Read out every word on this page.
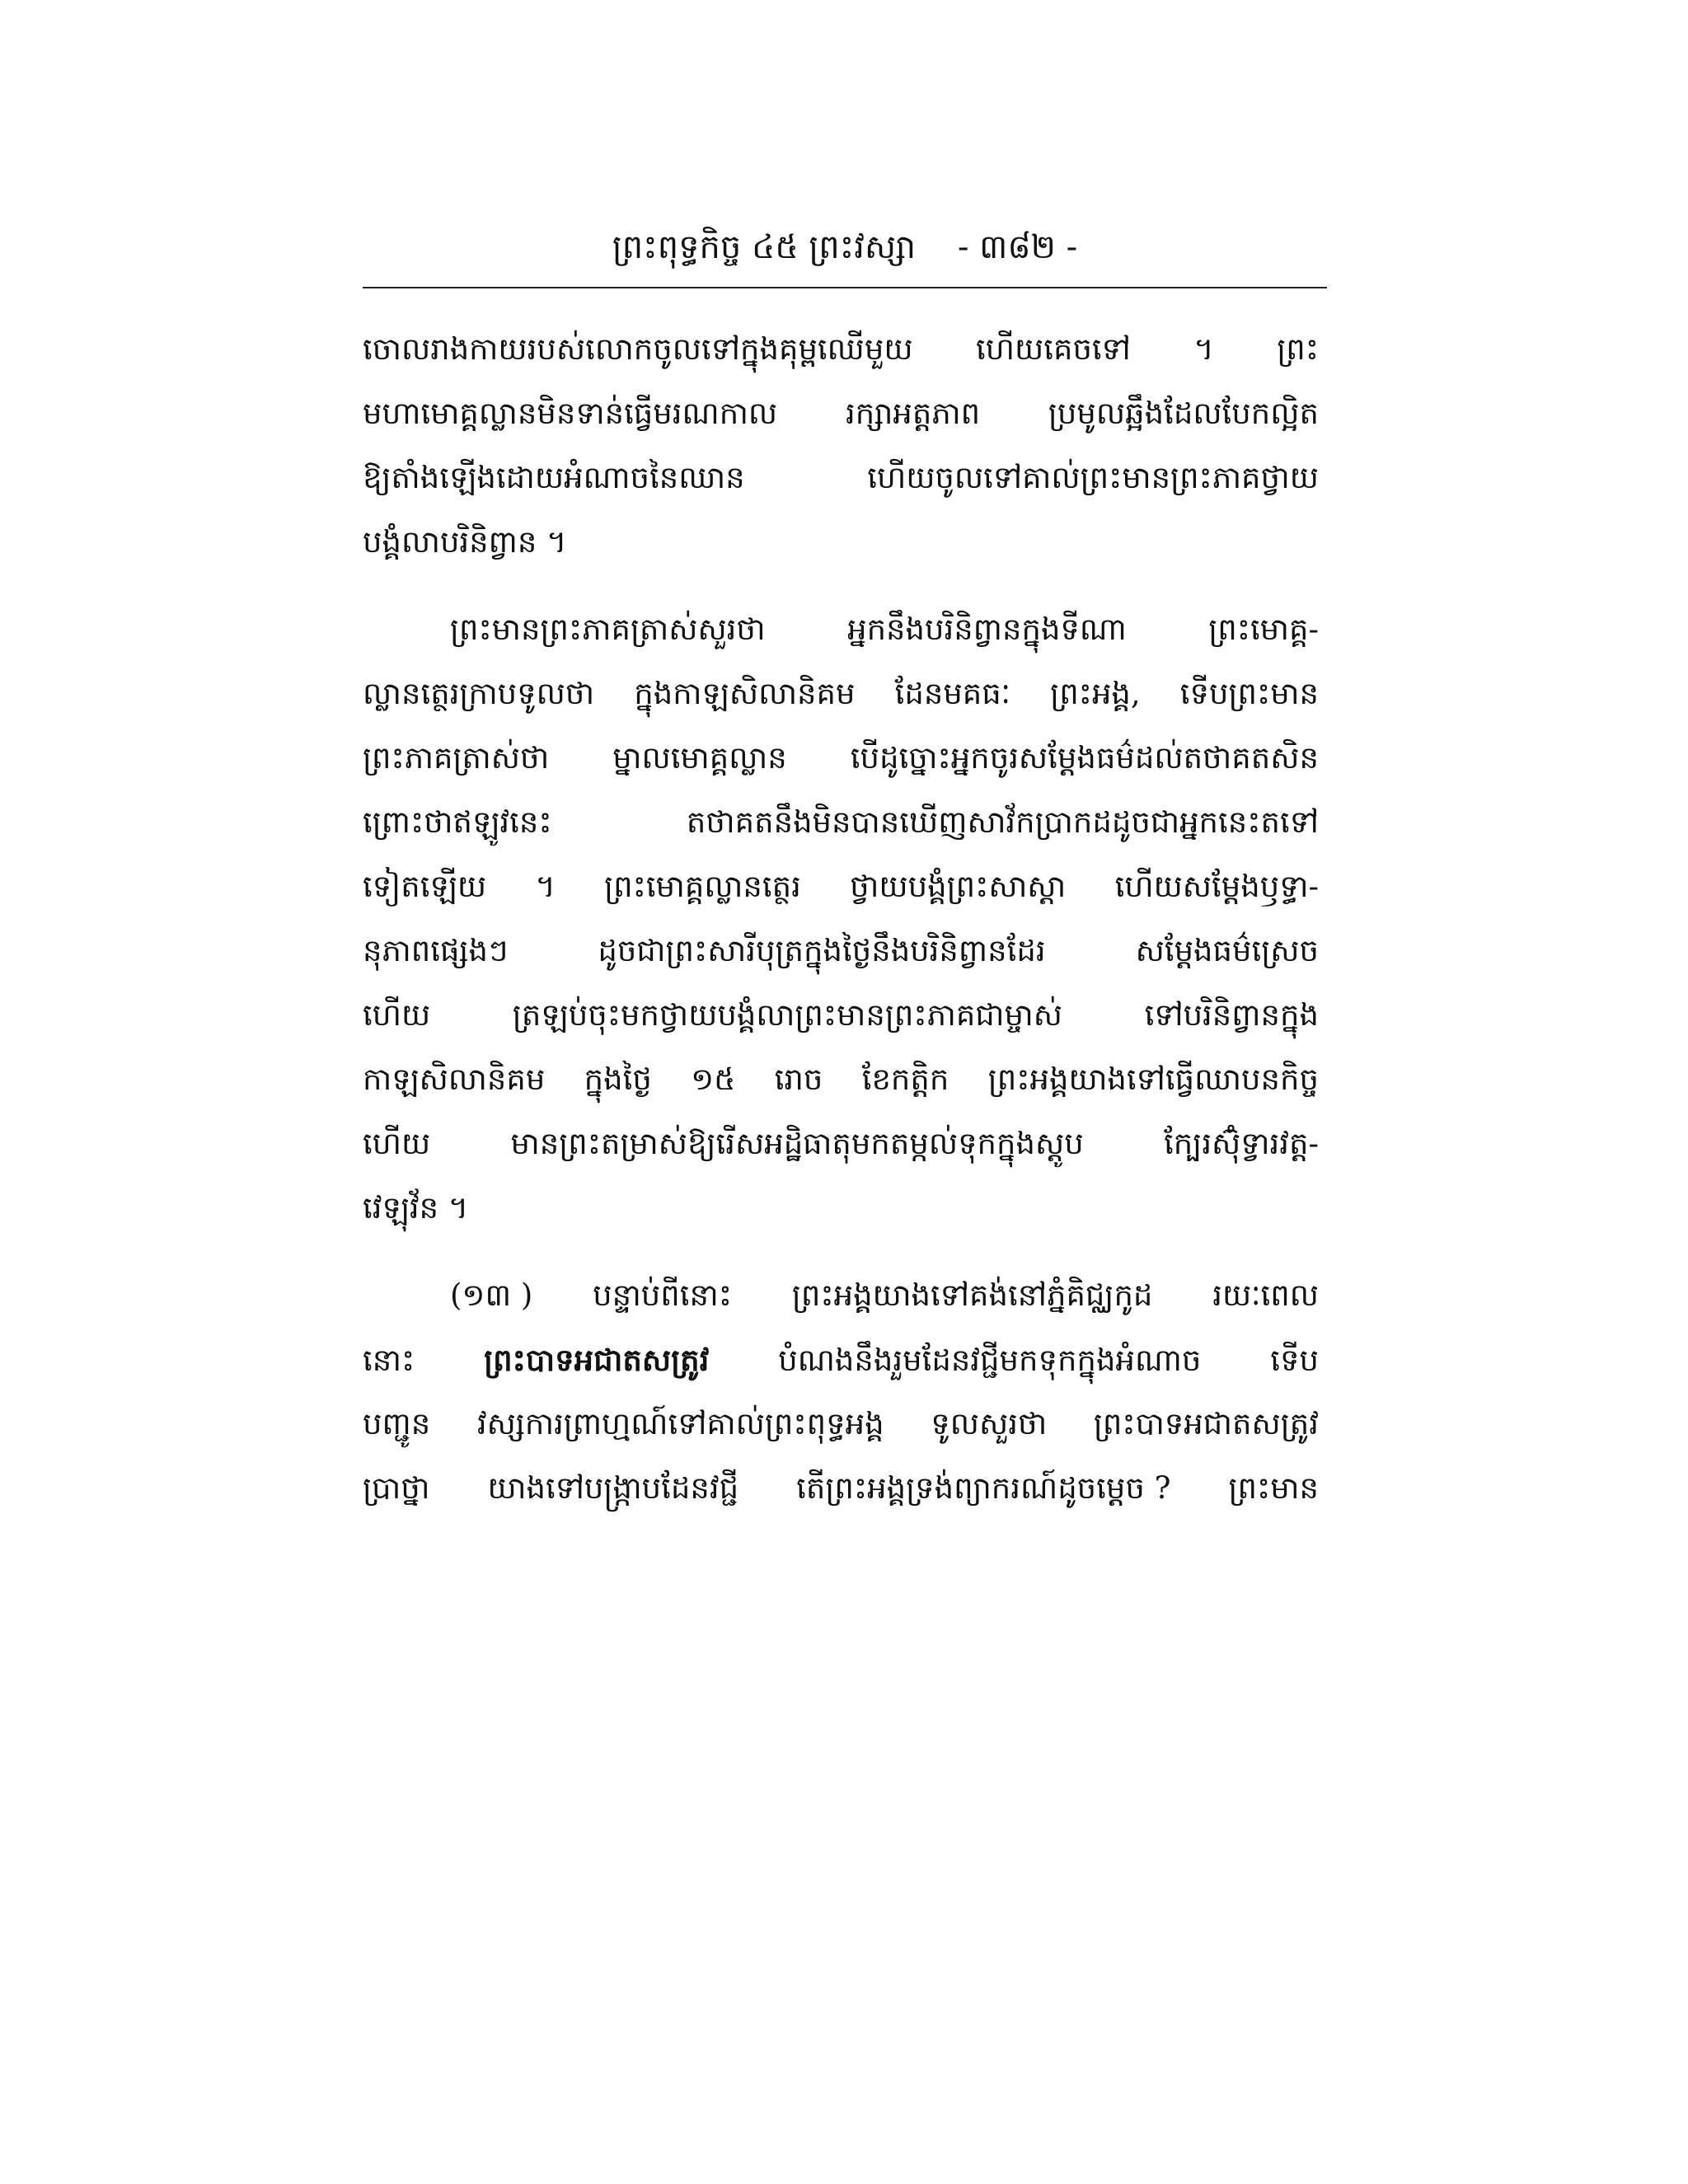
ព្រះពុទ្ធកិច្ច ៤៥ ព្រះវស្សា - ៣៨២ -
ចោលរាងកាយរបស់លោកចូលទៅក្នុងគុម្ពឈើមួយ ហើយគេចទៅ ។ ព្រះ
មហាមោគ្គល្លានមិនទាន់ធ្វើមរណកាល រក្សាអត្តភាព ប្រមូលឆ្អឹងដែលបែកល្អិត
ឱ្យតាំងឡើងដោយអំណាចនៃឈាន	ហើយចូលទៅគាល់ព្រះមានព្រះភាគថ្វាយ
បង្គំលាបរិនិព្វាន ។
ព្រះមានព្រះភាគត្រាស់សួរថា	អ្នកនឹងបរិនិព្វានក្នុងទីណា	ព្រះមោគ្គ-
ល្លានត្ថេរក្រាបទូលថា ក្នុងកាឡសិលានិគម ដែនមគធៈ ព្រះអង្គ, ទើបព្រះមាន
ព្រះភាគត្រាស់ថា ម្នាលមោគ្គល្លាន បើដូច្នោះអ្នកចូរសម្តែងធម៌ដល់តថាគតសិន
ព្រោះថាឥឡូវនេះ	តថាគតនឹងមិនបានឃើញសាវ័កប្រាកដដូចជាអ្នកនេះតទៅ
ទៀតឡើយ ។ ព្រះមោគ្គល្លានត្ថេរ ថ្វាយបង្គំព្រះសាស្តា ហើយសម្តែងឫទ្ធា-
នុភាពផ្សេងៗ	ដូចជាព្រះសារីបុត្រក្នុងថ្ងៃនឹងបរិនិព្វានដែរ	សម្តែងធម៌ស្រេច
ហើយ	ត្រឡប់ចុះមកថ្វាយបង្គំលាព្រះមានព្រះភាគជាម្ចាស់	ទៅបរិនិព្វានក្នុង
កាឡសិលានិគម ក្នុងថ្ងៃ ១៥ រោច ខែកត្តិក ព្រះអង្គយាងទៅធ្វើឈាបនកិច្ច
ហើយ	មានព្រះតម្រាស់ឱ្យរើសអដ្ឋិធាតុមកតម្កល់ទុកក្នុងស្តូប	ក្បែរស៊ុំទ្វារវត្ត-
វេឡុវ័ន ។
(១៣ ) បន្ទាប់ពីនោះ ព្រះអង្គយាងទៅគង់នៅភ្នំគិជ្ឈកូដ រយៈពេល
នោះ ព្រះបាទអជាតសត្រូវ បំណងនឹងរួមដែនវជ្ជីមកទុកក្នុងអំណាច ទើប
បញ្ជូន វស្សការព្រាហ្មណ៍ទៅគាល់ព្រះពុទ្ធអង្គ ទូលសួរថា ព្រះបាទអជាតសត្រូវ
ប្រាថ្នា យាងទៅបង្ក្រាបដែនវជ្ជី តើព្រះអង្គទ្រង់ព្យាករណ៍ដូចម្តេច ? ព្រះមាន
